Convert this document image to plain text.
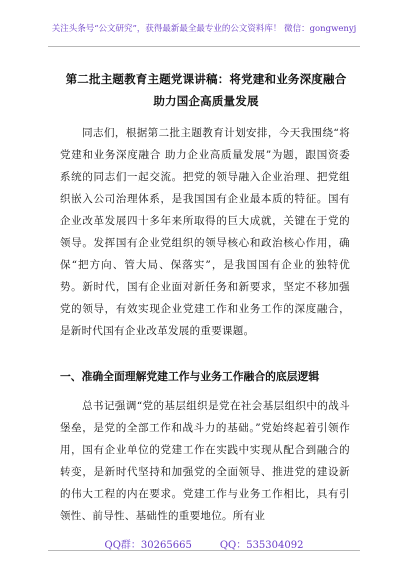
关注头条号“公文研究”，获得最新最全最专业的公文资料库！ 微信：gongwenyj
第二批主题教育主题党课讲稿：将党建和业务深度融合 助力国企高质量发展
同志们，根据第二批主题教育计划安排，今天我围绕“将党建和业务深度融合 助力企业高质量发展”为题，跟国资委系统的同志们一起交流。把党的领导融入企业治理、把党组织嵌入公司治理体系，是我国国有企业最本质的特征。国有企业改革发展四十多年来所取得的巨大成就，关键在于党的领导。发挥国有企业党组织的领导核心和政治核心作用，确保“把方向、管大局、保落实”，是我国国有企业的独特优势。新时代，国有企业面对新任务和新要求，坚定不移加强党的领导，有效实现企业党建工作和业务工作的深度融合，是新时代国有企业改革发展的重要课题。
一、准确全面理解党建工作与业务工作融合的底层逻辑
总书记强调“党的基层组织是党在社会基层组织中的战斗堡垒，是党的全部工作和战斗力的基础。”党始终起着引领作用，国有企业单位的党建工作在实践中实现从配合到融合的转变，是新时代坚持和加强党的全面领导、推进党的建设新的伟大工程的内在要求。党建工作与业务工作相比，具有引领性、前导性、基础性的重要地位。所有业
QQ群：30265665	QQ：535304092
